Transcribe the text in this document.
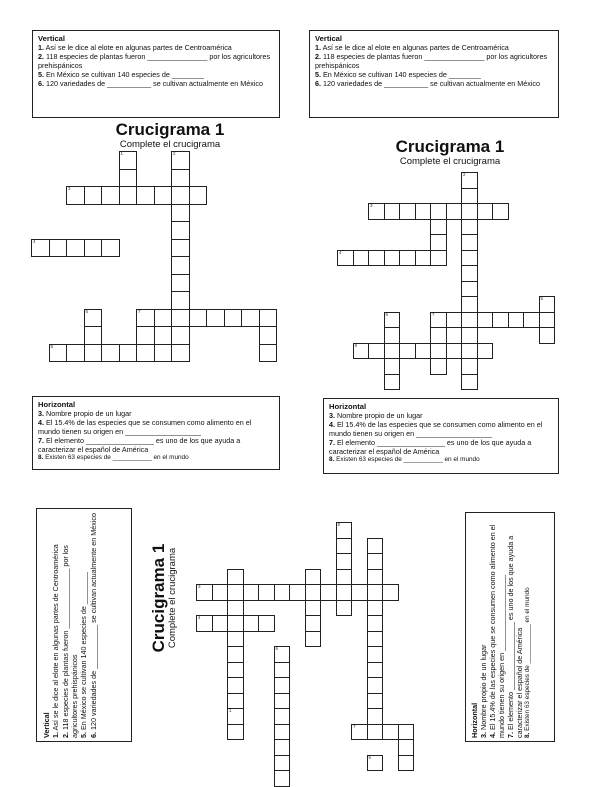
Vertical
1. Así se le dice al elote en algunas partes de Centroamérica
2. 118 especies de plantas fueron _______________ por los agricultores prehispánicos
5. En México se cultivan 140 especies de ________
6. 120 variedades de ___________ se cultivan actualmente en México
Vertical
1. Así se le dice al elote en algunas partes de Centroamérica
2. 118 especies de plantas fueron _______________ por los agricultores prehispánicos
5. En México se cultivan 140 especies de ________
6. 120 variedades de ___________ se cultivan actualmente en México
Crucigrama 1
Complete el crucigrama	Crucigrama 1
Complete el crucigrama
1	2
3
4
6	7
8
2
3
4
5
6	7
8
8
3
4
6
7
1
5
Horizontal
3. Nombre propio de un lugar
4. El 15.4% de las especies que se consumen como alimento en el mundo tienen su origen en ___________________
7. El elemento _________________ es uno de los que ayuda a caracterizar el español de América
8. Existen 63 especies de ___________ en el mundo
Horizontal
3. Nombre propio de un lugar
4. El 15.4% de las especies que se consumen como alimento en el mundo tienen su origen en ___________________
7. El elemento _________________ es uno de los que ayuda a caracterizar el español de América
8. Existen 63 especies de ___________ en el mundo
Vertical 1. Así se le dice al elote en algunas partes de Centroamérica
2. 118 especies de plantas fueron _______________ por los agricultores prehispánicos 5. En México se cultivan 140 especies de ________
6. 120 variedades de ___________ se cultivan actualmente en México	Crucigrama 1
Complete el crucigrama
Horizontal 3. Nombre propio de un lugar
4. El 15.4% de las especies que se consumen como alimento en el mundo tienen su origen en ___________________ 7. El elemento _________________ es uno de los que ayuda a caracterizar el español de América 8. Existen 63 especies de ___________ en el mundo
